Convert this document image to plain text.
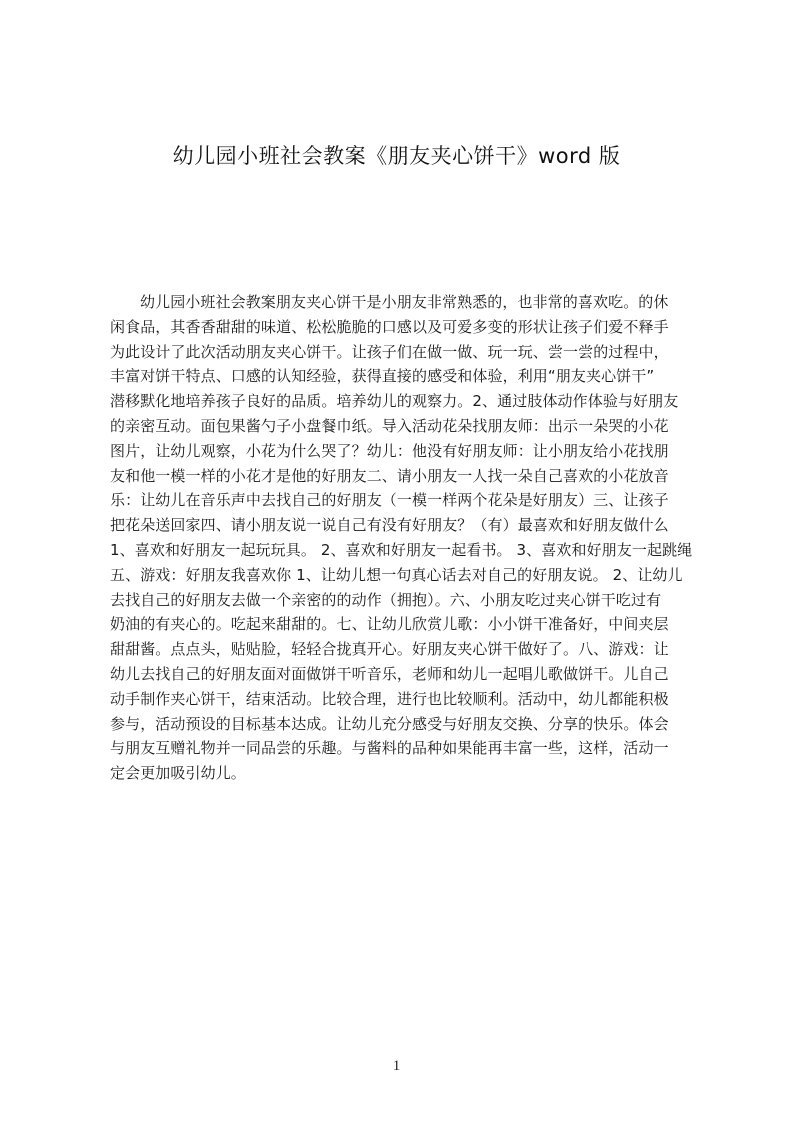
幼儿园小班社会教案《朋友夹心饼干》word 版
幼儿园小班社会教案朋友夹心饼干是小朋友非常熟悉的，也非常的喜欢吃。的休
闲食品，其香香甜甜的味道、松松脆脆的口感以及可爱多变的形状让孩子们爱不释手
为此设计了此次活动朋友夹心饼干。让孩子们在做一做、玩一玩、尝一尝的过程中，
丰富对饼干特点、口感的认知经验，获得直接的感受和体验，利用“朋友夹心饼干”
潜移默化地培养孩子良好的品质。培养幼儿的观察力。2、通过肢体动作体验与好朋友
的亲密互动。面包果酱勺子小盘餐巾纸。导入活动花朵找朋友师：出示一朵哭的小花
图片，让幼儿观察，小花为什么哭了？幼儿：他没有好朋友师：让小朋友给小花找朋
友和他一模一样的小花才是他的好朋友二、请小朋友一人找一朵自己喜欢的小花放音
乐：让幼儿在音乐声中去找自己的好朋友（一模一样两个花朵是好朋友）三、让孩子
把花朵送回家四、请小朋友说一说自己有没有好朋友？（有）最喜欢和好朋友做什么
1、喜欢和好朋友一起玩玩具。 2、喜欢和好朋友一起看书。 3、喜欢和好朋友一起跳绳
五、游戏：好朋友我喜欢你 1、让幼儿想一句真心话去对自己的好朋友说。 2、让幼儿
去找自己的好朋友去做一个亲密的的动作（拥抱）。六、小朋友吃过夹心饼干吃过有
奶油的有夹心的。吃起来甜甜的。七、让幼儿欣赏儿歌：小小饼干准备好，中间夹层
甜甜酱。点点头，贴贴脸，轻轻合拢真开心。好朋友夹心饼干做好了。八、游戏：让
幼儿去找自己的好朋友面对面做饼干听音乐，老师和幼儿一起唱儿歌做饼干。儿自己
动手制作夹心饼干，结束活动。比较合理，进行也比较顺利。活动中，幼儿都能积极
参与，活动预设的目标基本达成。让幼儿充分感受与好朋友交换、分享的快乐。体会
与朋友互赠礼物并一同品尝的乐趣。与酱料的品种如果能再丰富一些，这样，活动一
定会更加吸引幼儿。
1
